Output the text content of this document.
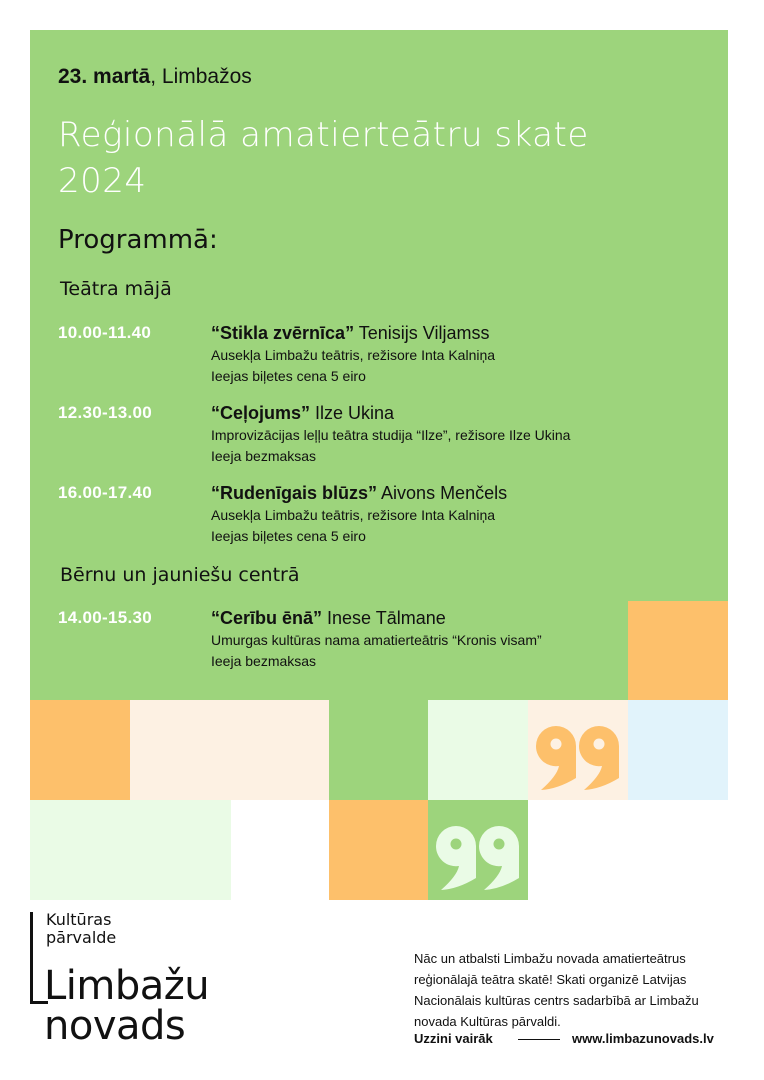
23. martā, Limbažos
Reģionālā amatierteātru skate
2024
Programmā:
Teātra mājā
10.00-11.40	“Stikla zvērnīca” Tenisijs Viljamss
Ausekļa Limbažu teātris, režisore Inta Kalniņa
Ieejas biļetes cena 5 eiro
12.30-13.00	“Ceļojums” Ilze Ukina
Improvizācijas leļļu teātra studija “Ilze”, režisore Ilze Ukina
Ieeja bezmaksas
16.00-17.40	“Rudenīgais blūzs” Aivons Menčels
Ausekļa Limbažu teātris, režisore Inta Kalniņa
Ieejas biļetes cena 5 eiro
Bērnu un jauniešu centrā
14.00-15.30	“Cerību ēnā” Inese Tālmane
Umurgas kultūras nama amatierteātris “Kronis visam”
Ieeja bezmaksas
Kultūras
pārvalde
Limbažu
novads
Nāc un atbalsti Limbažu novada amatierteātrus reģionālajā teātra skatē! Skati organizē Latvijas Nacionālais kultūras centrs sadarbībā ar Limbažu novada Kultūras pārvaldi.
Uzzini vairāk	www.limbazunovads.lv
